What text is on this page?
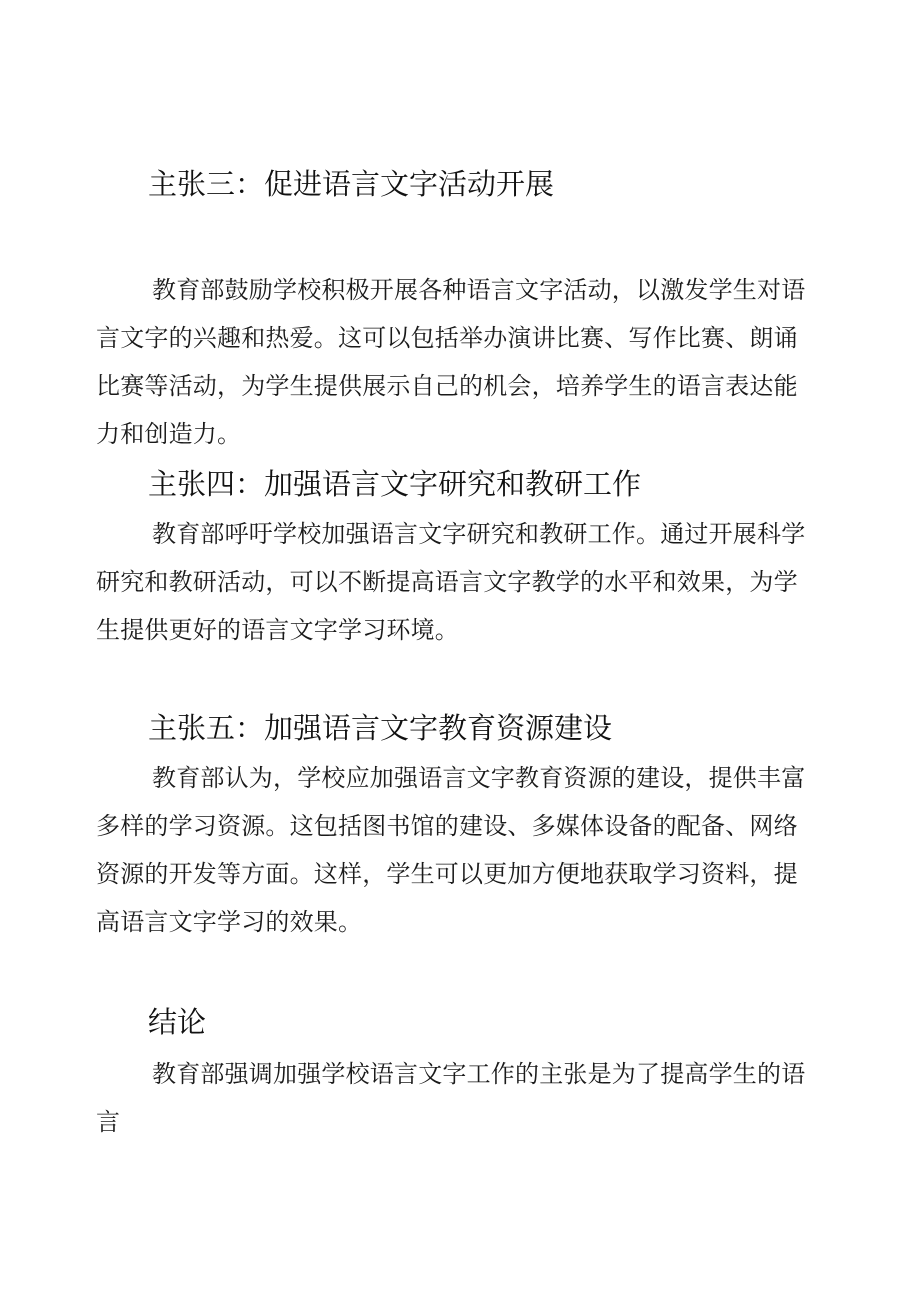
主张三：促进语言文字活动开展

教育部鼓励学校积极开展各种语言文字活动，以激发学生对语言文字的兴趣和热爱。这可以包括举办演讲比赛、写作比赛、朗诵比赛等活动，为学生提供展示自己的机会，培养学生的语言表达能力和创造力。

主张四：加强语言文字研究和教研工作

教育部呼吁学校加强语言文字研究和教研工作。通过开展科学研究和教研活动，可以不断提高语言文字教学的水平和效果，为学生提供更好的语言文字学习环境。

主张五：加强语言文字教育资源建设

教育部认为，学校应加强语言文字教育资源的建设，提供丰富多样的学习资源。这包括图书馆的建设、多媒体设备的配备、网络资源的开发等方面。这样，学生可以更加方便地获取学习资料，提高语言文字学习的效果。

结论

教育部强调加强学校语言文字工作的主张是为了提高学生的语言
